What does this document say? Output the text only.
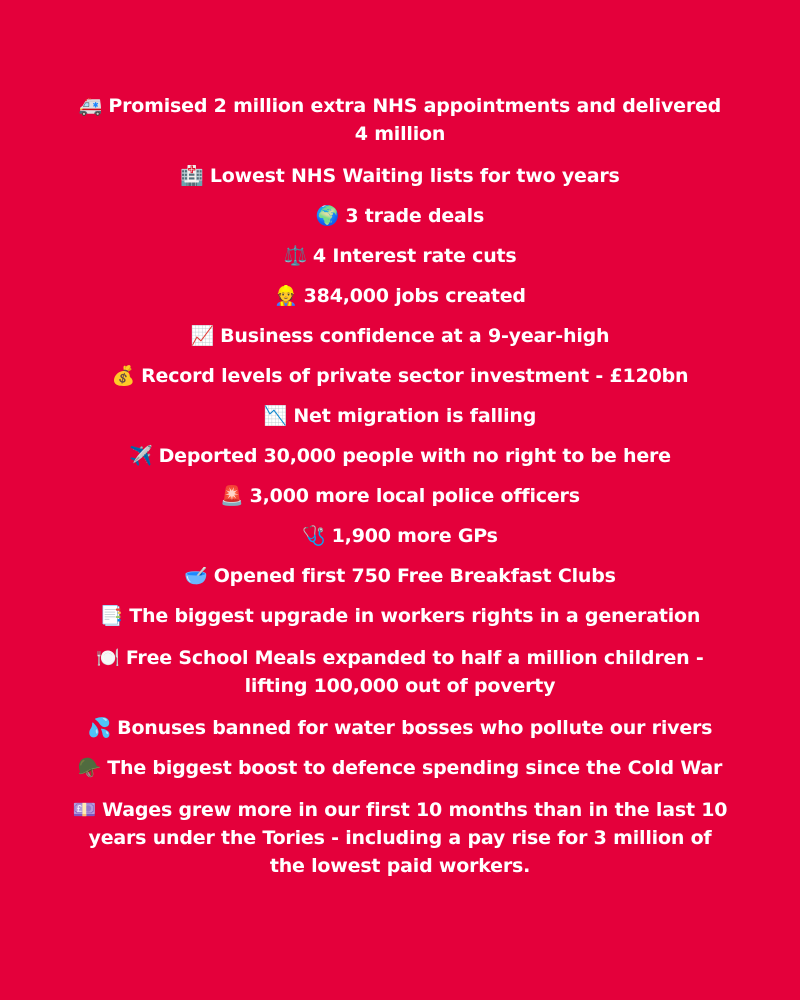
🚑 Promised 2 million extra NHS appointments and delivered 4 million
🏥 Lowest NHS Waiting lists for two years
🌍 3 trade deals
⚖️ 4 Interest rate cuts
👷 384,000 jobs created
📈 Business confidence at a 9-year-high
💰 Record levels of private sector investment - £120bn
📉 Net migration is falling
✈️ Deported 30,000 people with no right to be here
🚨 3,000 more local police officers
🩺 1,900 more GPs
🥣 Opened first 750 Free Breakfast Clubs
📑 The biggest upgrade in workers rights in a generation
🍽️ Free School Meals expanded to half a million children - lifting 100,000 out of poverty
💦 Bonuses banned for water bosses who pollute our rivers
🪖 The biggest boost to defence spending since the Cold War
💷 Wages grew more in our first 10 months than in the last 10 years under the Tories - including a pay rise for 3 million of the lowest paid workers.
